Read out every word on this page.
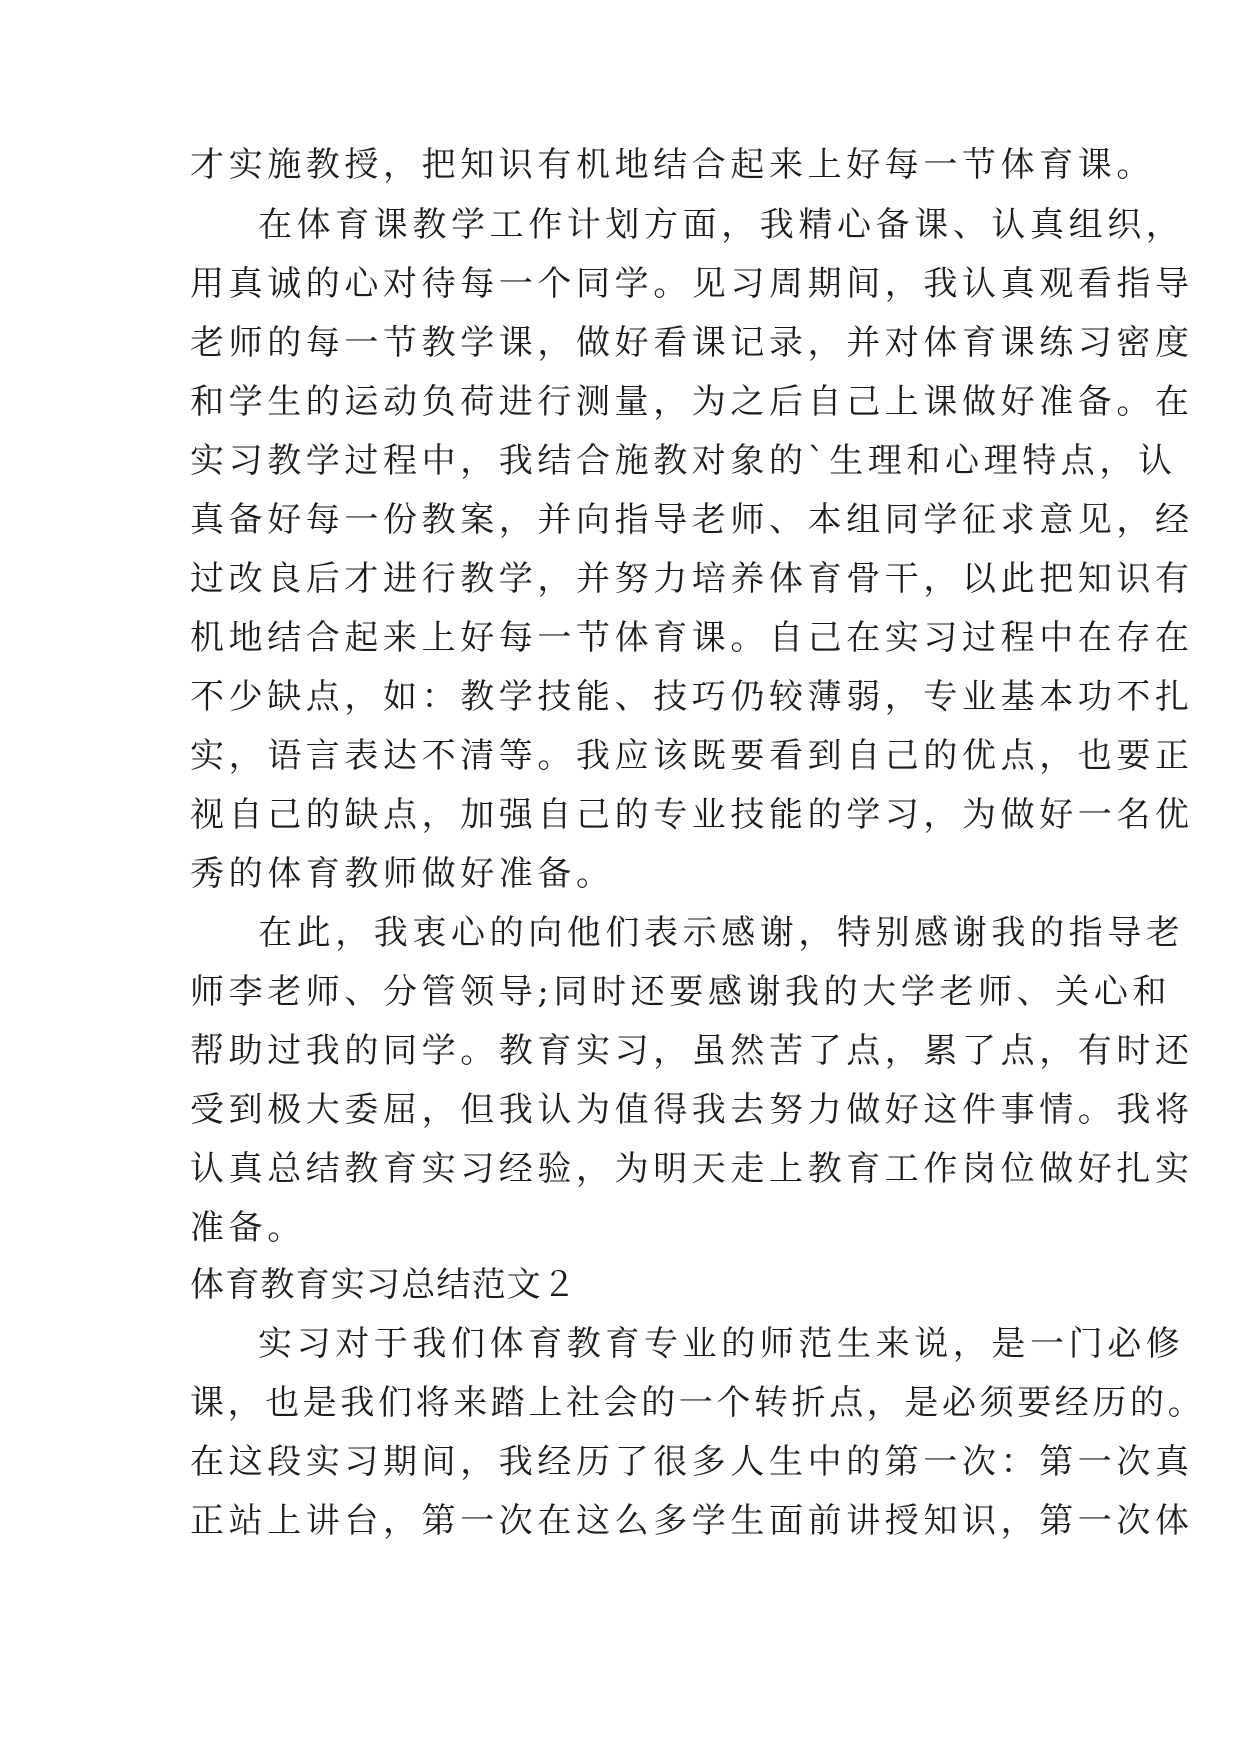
才实施教授，把知识有机地结合起来上好每一节体育课。
在体育课教学工作计划方面，我精心备课、认真组织，
用真诚的心对待每一个同学。见习周期间，我认真观看指导
老师的每一节教学课，做好看课记录，并对体育课练习密度
和学生的运动负荷进行测量，为之后自己上课做好准备。在
实习教学过程中，我结合施教对象的`生理和心理特点，认
真备好每一份教案，并向指导老师、本组同学征求意见，经
过改良后才进行教学，并努力培养体育骨干，以此把知识有
机地结合起来上好每一节体育课。自己在实习过程中在存在
不少缺点，如：教学技能、技巧仍较薄弱，专业基本功不扎
实，语言表达不清等。我应该既要看到自己的优点，也要正
视自己的缺点，加强自己的专业技能的学习，为做好一名优
秀的体育教师做好准备。
在此，我衷心的向他们表示感谢，特别感谢我的指导老
师李老师、分管领导;同时还要感谢我的大学老师、关心和
帮助过我的同学。教育实习，虽然苦了点，累了点，有时还
受到极大委屈，但我认为值得我去努力做好这件事情。我将
认真总结教育实习经验，为明天走上教育工作岗位做好扎实
准备。
体育教育实习总结范文２
实习对于我们体育教育专业的师范生来说，是一门必修
课，也是我们将来踏上社会的一个转折点，是必须要经历的。
在这段实习期间，我经历了很多人生中的第一次：第一次真
正站上讲台，第一次在这么多学生面前讲授知识，第一次体
